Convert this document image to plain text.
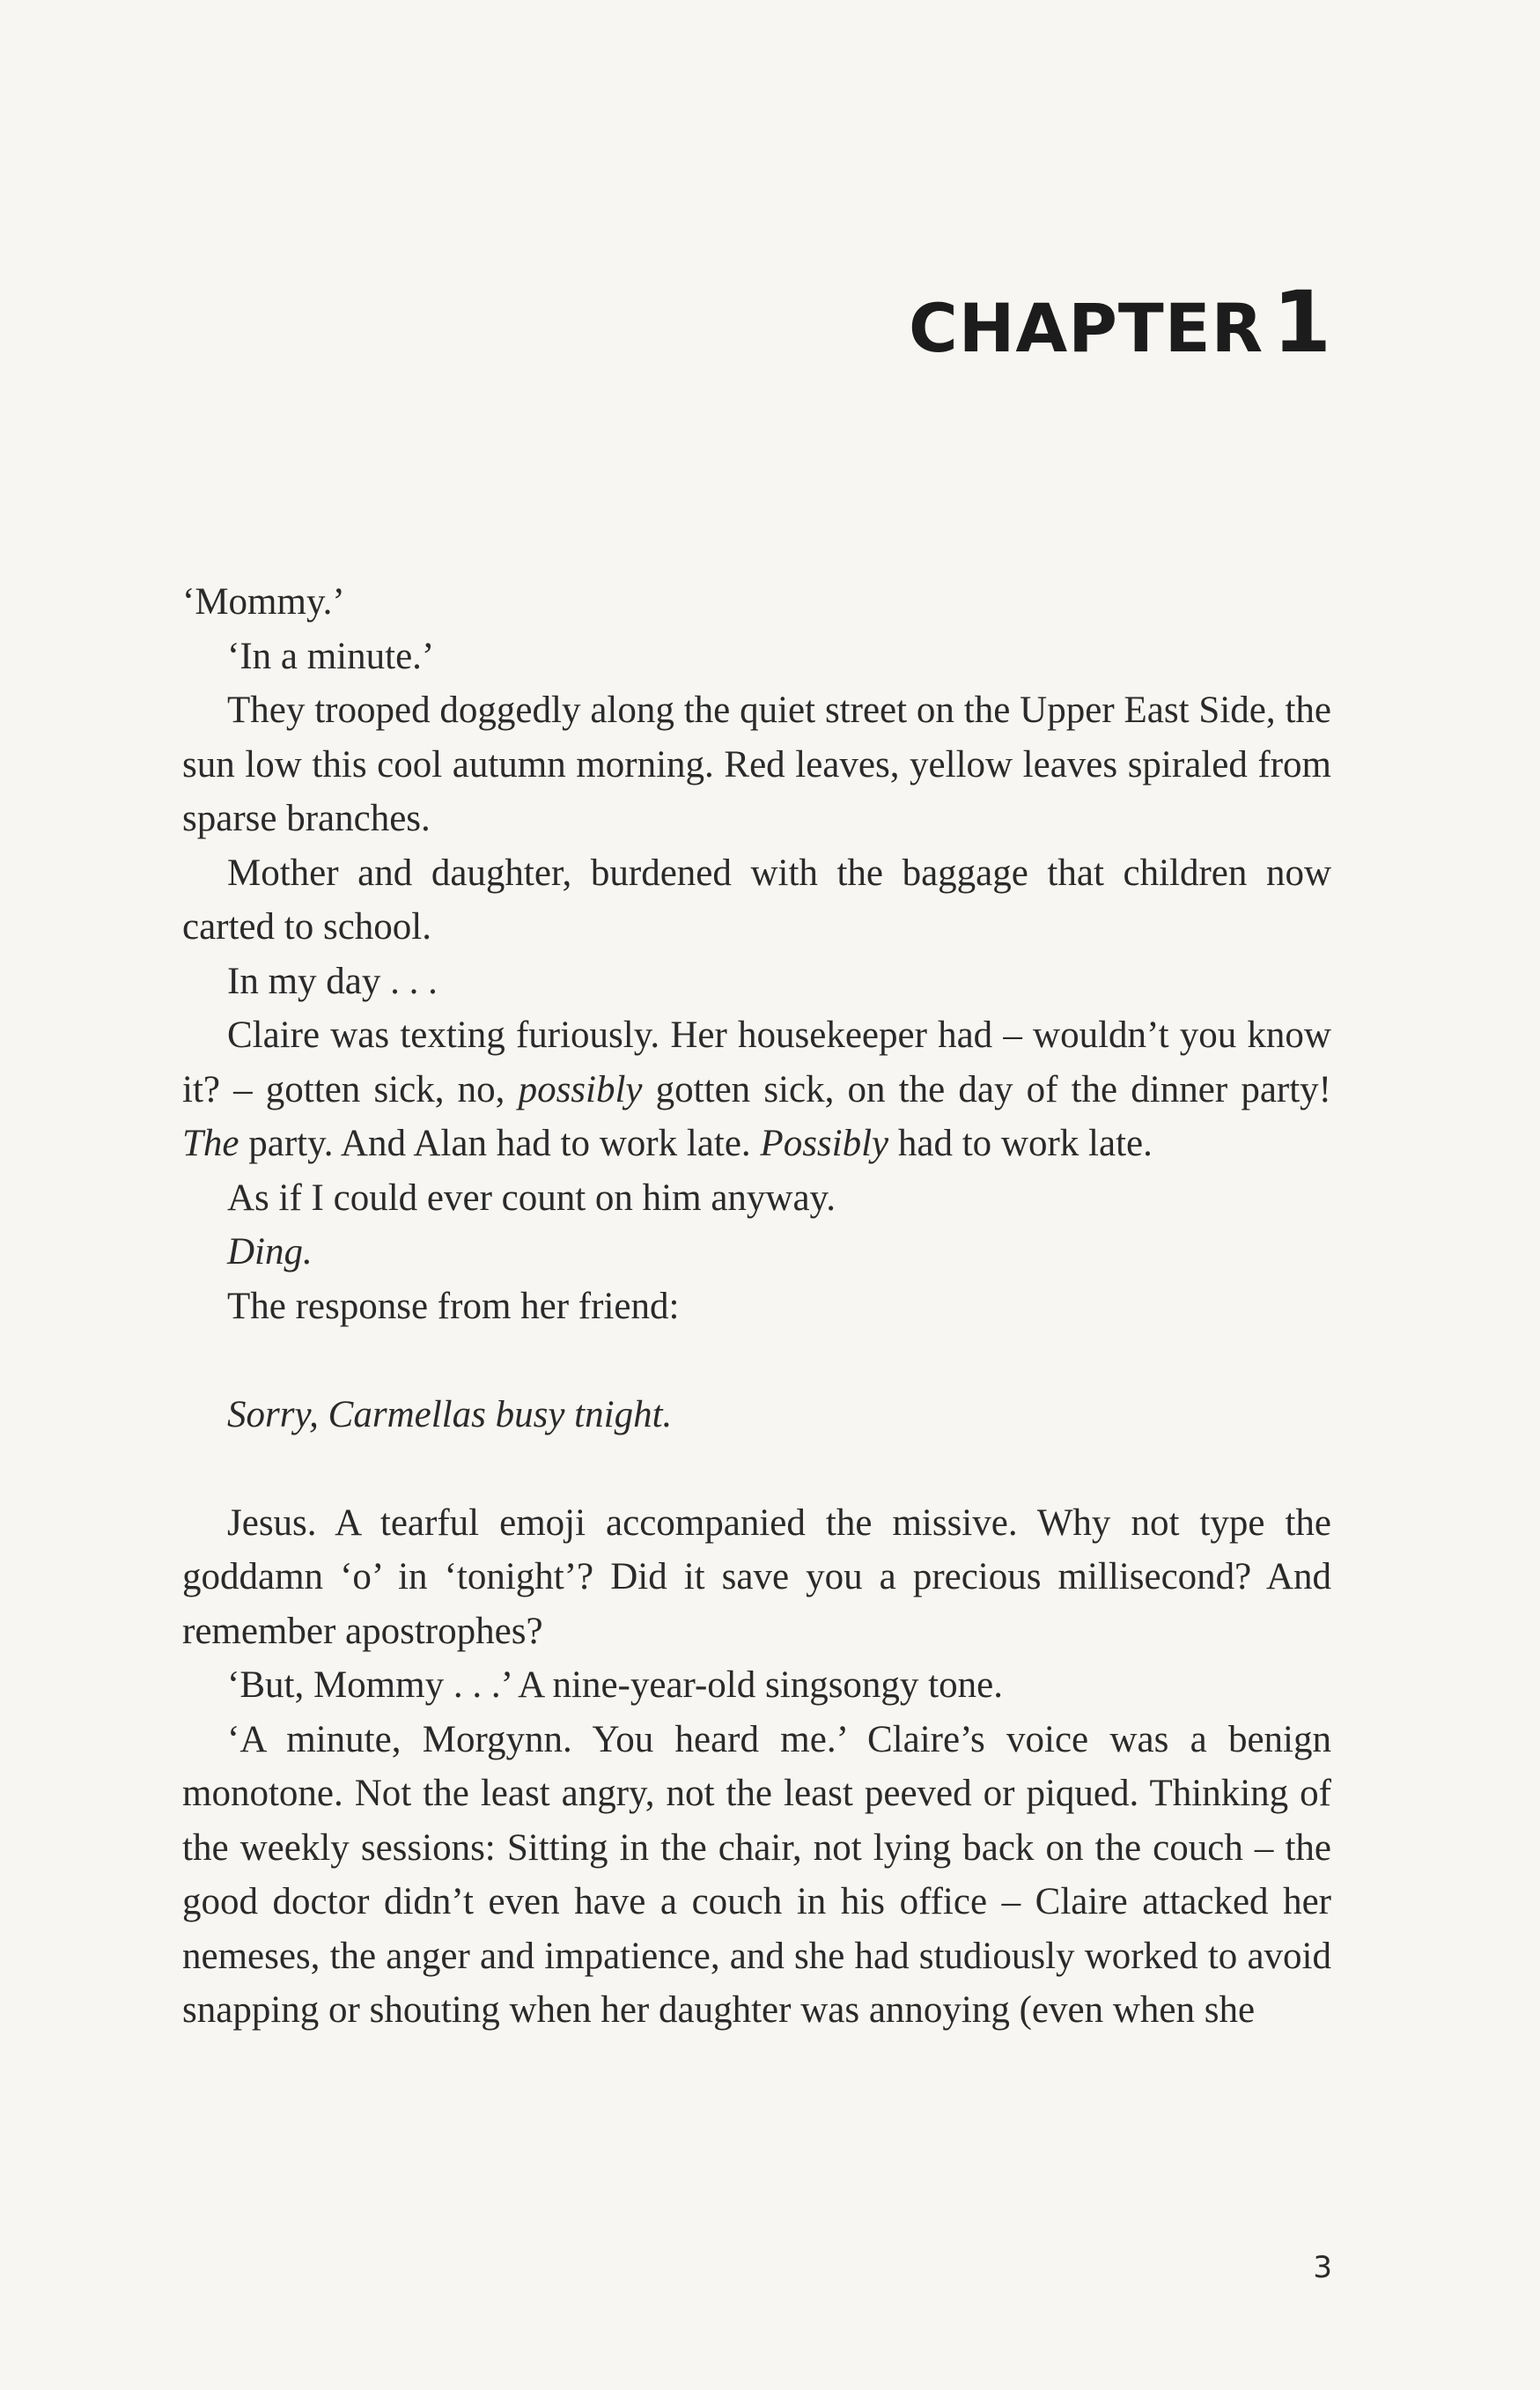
CHAPTER 1

‘Mommy.’

‘In a minute.’

They trooped doggedly along the quiet street on the Upper East Side, the sun low this cool autumn morning. Red leaves, yellow leaves spiraled from sparse branches.

Mother and daughter, burdened with the baggage that children now carted to school.

In my day . . .

Claire was texting furiously. Her housekeeper had – wouldn’t you know it? – gotten sick, no, possibly gotten sick, on the day of the dinner party! The party. And Alan had to work late. Possibly had to work late.

As if I could ever count on him anyway.

Ding.

The response from her friend:

Sorry, Carmellas busy tnight.

Jesus. A tearful emoji accompanied the missive. Why not type the goddamn ‘o’ in ‘tonight’? Did it save you a precious millisecond? And remember apostrophes?

‘But, Mommy . . .’ A nine-year-old singsongy tone.

‘A minute, Morgynn. You heard me.’ Claire’s voice was a benign monotone. Not the least angry, not the least peeved or piqued. Thinking of the weekly sessions: Sitting in the chair, not lying back on the couch – the good doctor didn’t even have a couch in his office – Claire attacked her nemeses, the anger and impatience, and she had studiously worked to avoid snapping or shouting when her daughter was annoying (even when she

3
